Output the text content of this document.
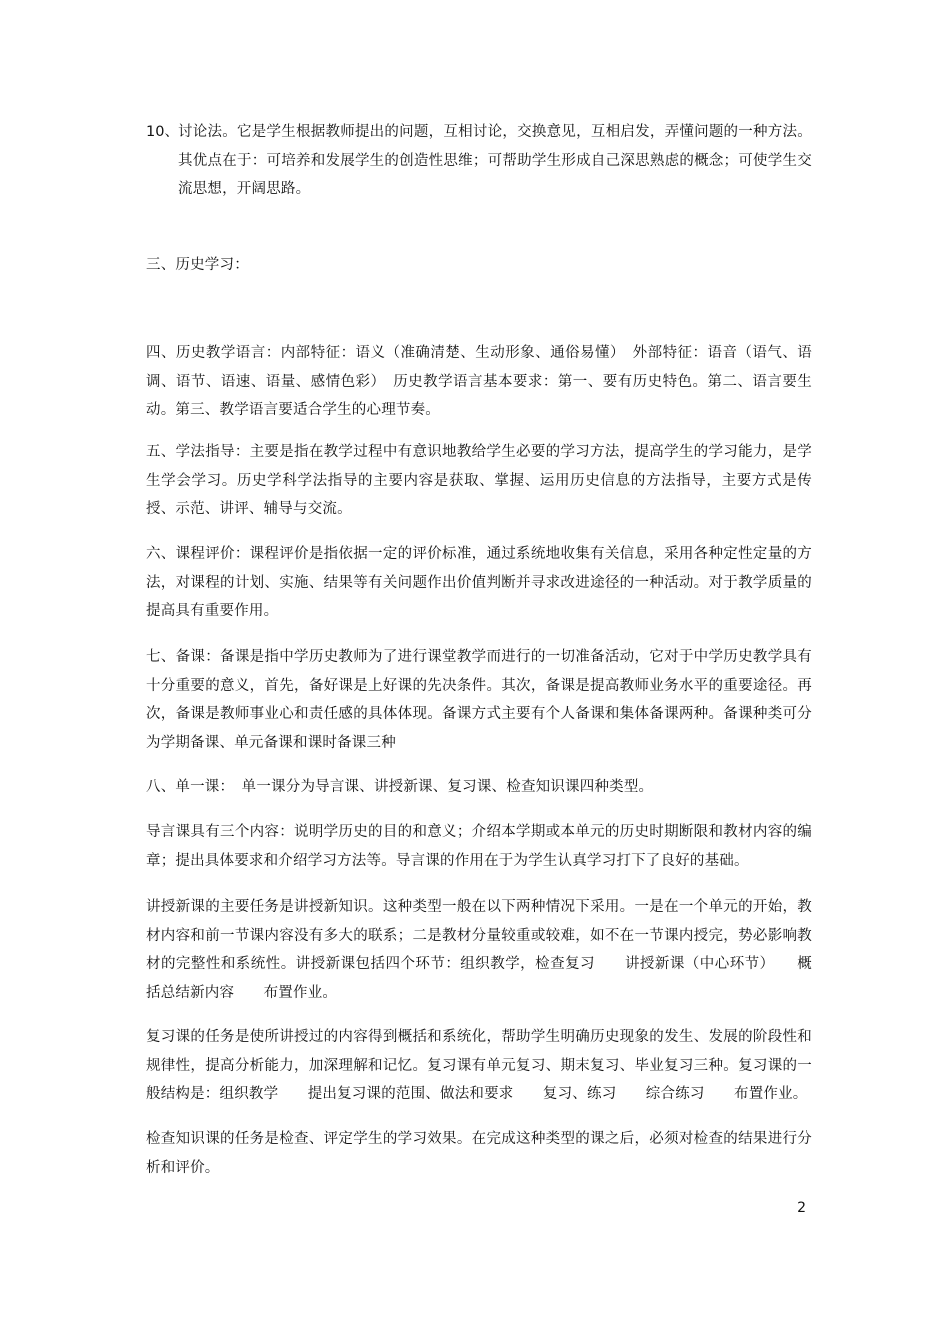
10、 讨论法。它是学生根据教师提出的问题，互相讨论，交换意见，互相启发，弄懂问题的一种方法。其优点在于：可培养和发展学生的创造性思维；可帮助学生形成自己深思熟虑的概念；可使学生交流思想，开阔思路。

三、历史学习：

四、历史教学语言：内部特征：语义（准确清楚、生动形象、通俗易懂）　外部特征：语音（语气、语调、语节、语速、语量、感情色彩）　历史教学语言基本要求：第一、要有历史特色。第二、语言要生动。第三、教学语言要适合学生的心理节奏。

五、学法指导：主要是指在教学过程中有意识地教给学生必要的学习方法，提高学生的学习能力，是学生学会学习。历史学科学法指导的主要内容是获取、掌握、运用历史信息的方法指导，主要方式是传授、示范、讲评、辅导与交流。

六、课程评价：课程评价是指依据一定的评价标准，通过系统地收集有关信息，采用各种定性定量的方法，对课程的计划、实施、结果等有关问题作出价值判断并寻求改进途径的一种活动。对于教学质量的提高具有重要作用。

七、备课：备课是指中学历史教师为了进行课堂教学而进行的一切准备活动，它对于中学历史教学具有十分重要的意义，首先，备好课是上好课的先决条件。其次，备课是提高教师业务水平的重要途径。再次，备课是教师事业心和责任感的具体体现。备课方式主要有个人备课和集体备课两种。备课种类可分为学期备课、单元备课和课时备课三种

八、单一课：　单一课分为导言课、讲授新课、复习课、检查知识课四种类型。

导言课具有三个内容：说明学历史的目的和意义；介绍本学期或本单元的历史时期断限和教材内容的编章；提出具体要求和介绍学习方法等。导言课的作用在于为学生认真学习打下了良好的基础。

讲授新课的主要任务是讲授新知识。这种类型一般在以下两种情况下采用。一是在一个单元的开始，教材内容和前一节课内容没有多大的联系；二是教材分量较重或较难，如不在一节课内授完，势必影响教材的完整性和系统性。讲授新课包括四个环节：组织教学，检查复习　　讲授新课（中心环节）　　概括总结新内容　　布置作业。

复习课的任务是使所讲授过的内容得到概括和系统化，帮助学生明确历史现象的发生、发展的阶段性和规律性，提高分析能力，加深理解和记忆。复习课有单元复习、期末复习、毕业复习三种。复习课的一般结构是：组织教学　　提出复习课的范围、做法和要求　　复习、练习　　综合练习　　布置作业。

检查知识课的任务是检查、评定学生的学习效果。在完成这种类型的课之后，必须对检查的结果进行分析和评价。

2
